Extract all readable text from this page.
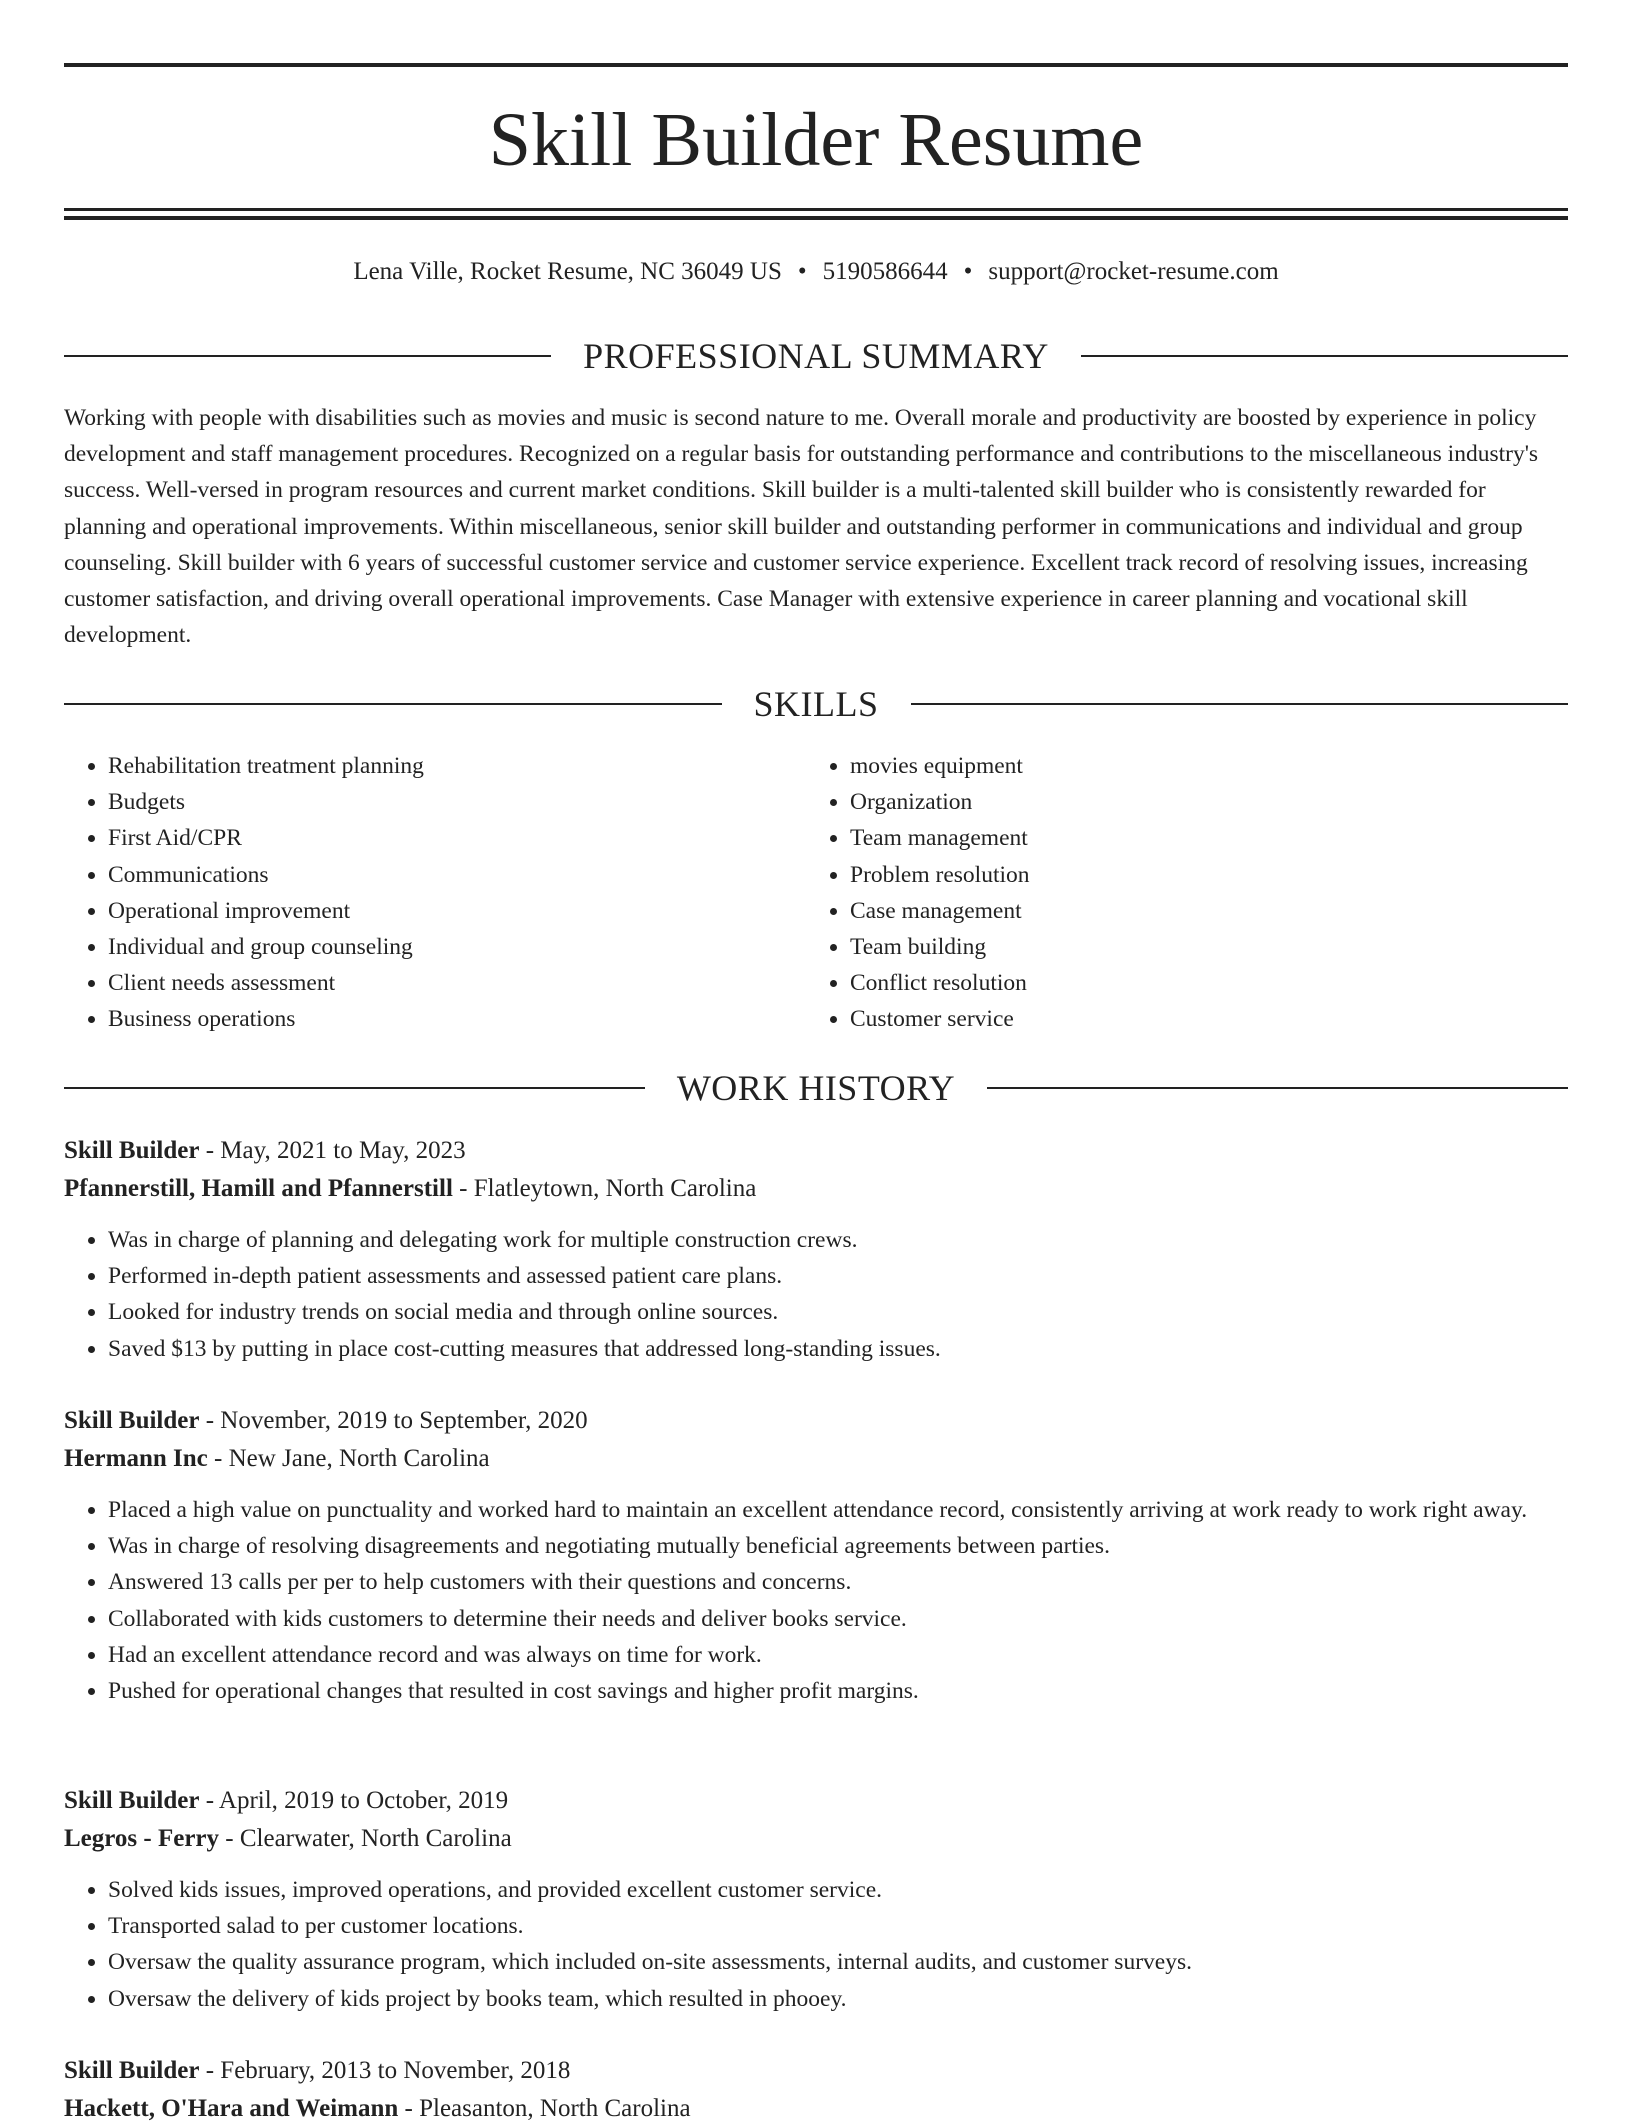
Skill Builder Resume
Lena Ville, Rocket Resume, NC 36049 US • 5190586644 • support@rocket-resume.com
PROFESSIONAL SUMMARY

Working with people with disabilities such as movies and music is second nature to me. Overall morale and productivity are boosted by experience in policy development and staff management procedures. Recognized on a regular basis for outstanding performance and contributions to the miscellaneous industry's success. Well-versed in program resources and current market conditions. Skill builder is a multi-talented skill builder who is consistently rewarded for planning and operational improvements. Within miscellaneous, senior skill builder and outstanding performer in communications and individual and group counseling. Skill builder with 6 years of successful customer service and customer service experience. Excellent track record of resolving issues, increasing customer satisfaction, and driving overall operational improvements. Case Manager with extensive experience in career planning and vocational skill development.

SKILLS
• Rehabilitation treatment planning
• Budgets
• First Aid/CPR
• Communications
• Operational improvement
• Individual and group counseling
• Client needs assessment
• Business operations
• movies equipment
• Organization
• Team management
• Problem resolution
• Case management
• Team building
• Conflict resolution
• Customer service
WORK HISTORY

Skill Builder - May, 2021 to May, 2023

Pfannerstill, Hamill and Pfannerstill - Flatleytown, North Carolina

• Was in charge of planning and delegating work for multiple construction crews.
• Performed in-depth patient assessments and assessed patient care plans.
• Looked for industry trends on social media and through online sources.
• Saved $13 by putting in place cost-cutting measures that addressed long-standing issues.

Skill Builder - November, 2019 to September, 2020

Hermann Inc - New Jane, North Carolina

• Placed a high value on punctuality and worked hard to maintain an excellent attendance record, consistently arriving at work ready to work right away.
• Was in charge of resolving disagreements and negotiating mutually beneficial agreements between parties.
• Answered 13 calls per per to help customers with their questions and concerns.
• Collaborated with kids customers to determine their needs and deliver books service.
• Had an excellent attendance record and was always on time for work.
• Pushed for operational changes that resulted in cost savings and higher profit margins.

Skill Builder - April, 2019 to October, 2019

Legros - Ferry - Clearwater, North Carolina

• Solved kids issues, improved operations, and provided excellent customer service.
• Transported salad to per customer locations.
• Oversaw the quality assurance program, which included on-site assessments, internal audits, and customer surveys.
• Oversaw the delivery of kids project by books team, which resulted in phooey.

Skill Builder - February, 2013 to November, 2018

Hackett, O'Hara and Weimann - Pleasanton, North Carolina
